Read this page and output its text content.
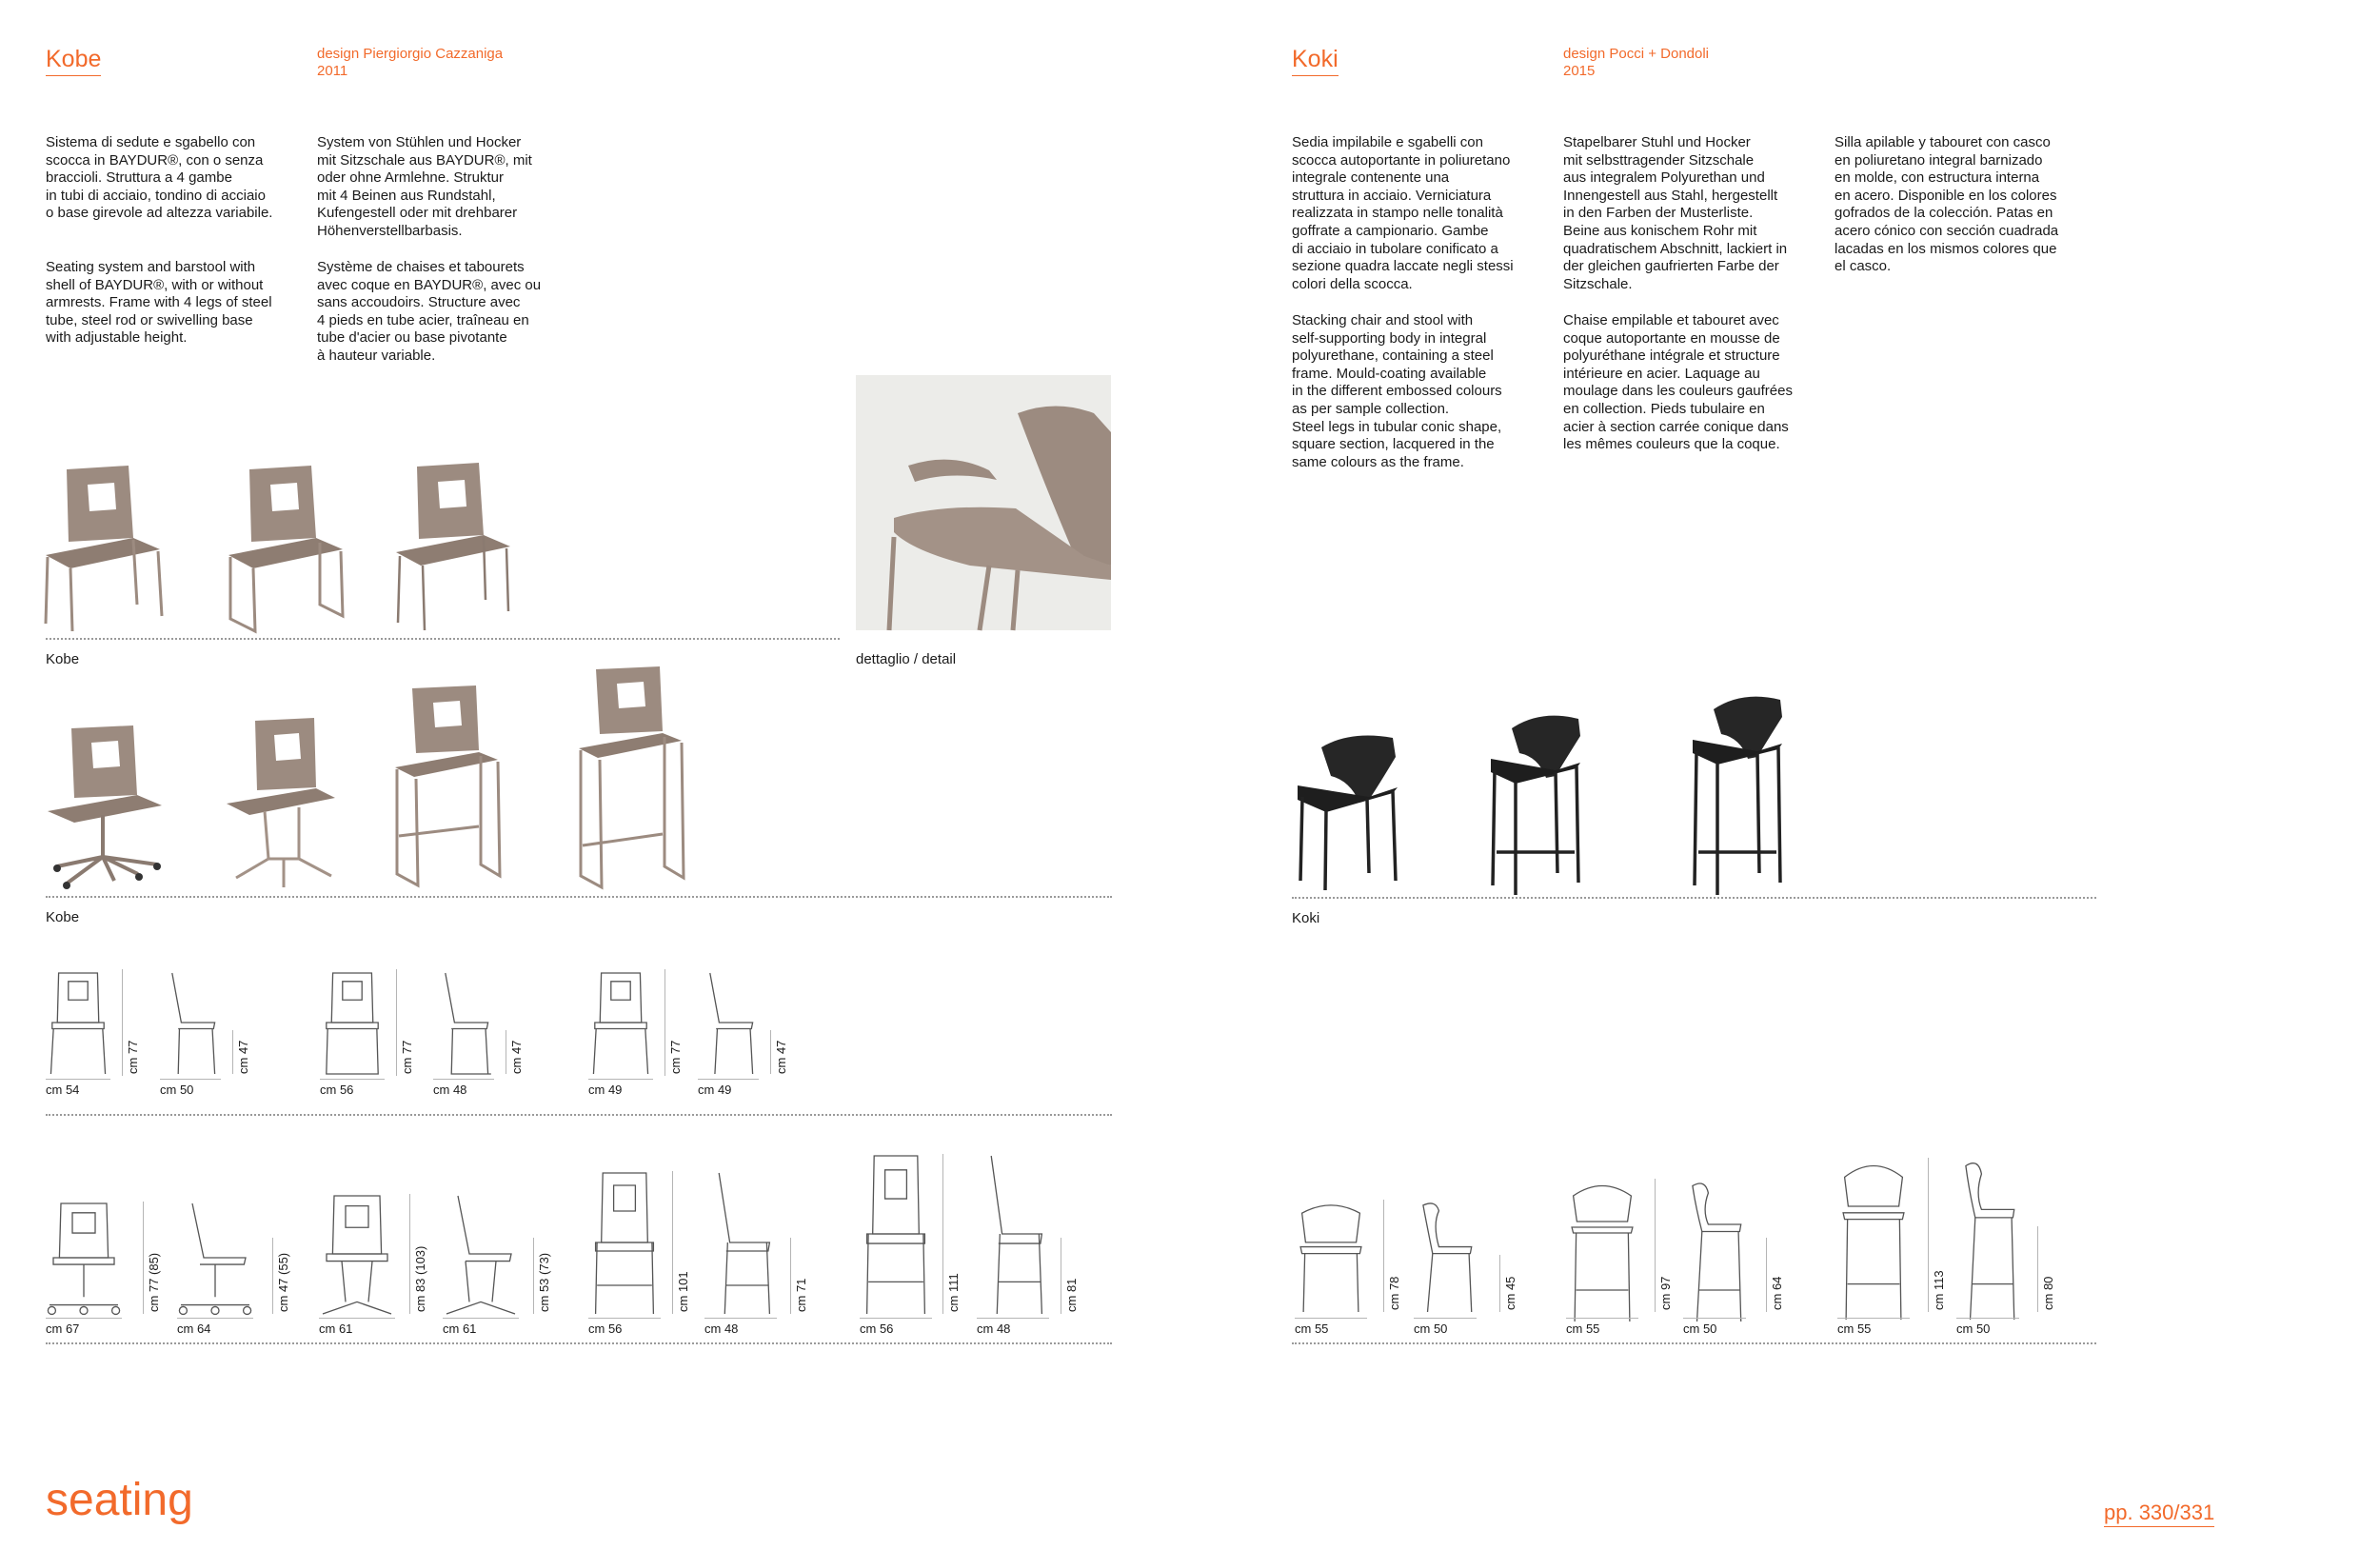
Kobe	design Piergiorgio Cazzaniga
2011
Sistema di sedute e sgabello con
scocca in BAYDUR®, con o senza
braccioli. Struttura a 4 gambe
in tubi di acciaio, tondino di acciaio
o base girevole ad altezza variabile.
Seating system and barstool with
shell of BAYDUR®, with or without
armrests. Frame with 4 legs of steel
tube, steel rod or swivelling base
with adjustable height.
System von Stühlen und Hocker
mit Sitzschale aus BAYDUR®, mit
oder ohne Armlehne. Struktur
mit 4 Beinen aus Rundstahl,
Kufengestell oder mit drehbarer
Höhenverstellbarbasis.
Système de chaises et tabourets
avec coque en BAYDUR®, avec ou
sans accoudoirs. Structure avec
4 pieds en tube acier, traîneau en
tube d'acier ou base pivotante
à hauteur variable.
Kobe	dettaglio / detail
Kobe
cm 77
cm 54
cm 47
cm 50
cm 77
cm 56
cm 47
cm 48
cm 77
cm 49
cm 47
cm 49
cm 77 (85)
cm 67
cm 47 (55)
cm 64
cm 83 (103)
cm 61
cm 53 (73)
cm 61
cm 101
cm 56
cm 71
cm 48
cm 111
cm 56
cm 81
cm 48
Koki	design Pocci + Dondoli
2015
Sedia impilabile e sgabelli con
scocca autoportante in poliuretano
integrale contenente una
struttura in acciaio. Verniciatura
realizzata in stampo nelle tonalità
goffrate a campionario. Gambe
di acciaio in tubolare conificato a
sezione quadra laccate negli stessi
colori della scocca.
Stacking chair and stool with
self-supporting body in integral
polyurethane, containing a steel
frame. Mould-coating available
in the different embossed colours
as per sample collection.
Steel legs in tubular conic shape,
square section, lacquered in the
same colours as the frame.
Stapelbarer Stuhl und Hocker
mit selbsttragender Sitzschale
aus integralem Polyurethan und
Innengestell aus Stahl, hergestellt
in den Farben der Musterliste.
Beine aus konischem Rohr mit
quadratischem Abschnitt, lackiert in
der gleichen gaufrierten Farbe der
Sitzschale.
Chaise empilable et tabouret avec
coque autoportante en mousse de
polyuréthane intégrale et structure
intérieure en acier. Laquage au
moulage dans les couleurs gaufrées
en collection. Pieds tubulaire en
acier à section carrée conique dans
les mêmes couleurs que la coque.
Silla apilable y tabouret con casco
en poliuretano integral barnizado
en molde, con estructura interna
en acero. Disponible en los colores
gofrados de la colección. Patas en
acero cónico con sección cuadrada
lacadas en los mismos colores que
el casco.
Koki
cm 78
cm 55
cm 45
cm 50
cm 97
cm 55
cm 64
cm 50
cm 113
cm 55
cm 80
cm 50
seating	pp. 330/331
